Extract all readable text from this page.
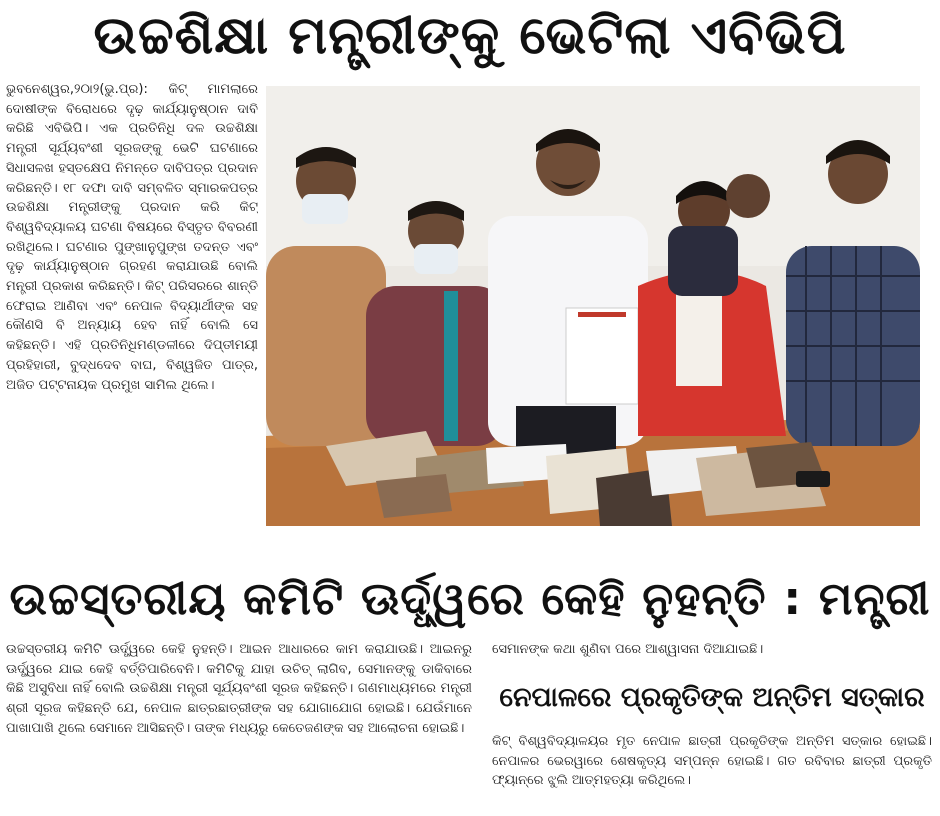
ଉଚ୍ଚଶିକ୍ଷା ମନ୍ତ୍ରୀଙ୍କୁ ଭେଟିଲା ଏବିଭିପି
ଭୁବନେଶ୍ୱର,୨୦ା୨(ଭୁ.ପ୍ର): କିଟ୍ ମାମଲାରେ ଦୋଷୀଙ୍କ ବିରୋଧରେ ଦୃଢ଼ କାର୍ଯ୍ୟାନୁଷ୍ଠାନ ଦାବି କରିଛି ଏବିଭିପି। ଏକ ପ୍ରତିନିଧି ଦଳ ଉଚ୍ଚଶିକ୍ଷା ମନ୍ତ୍ରୀ ସୂର୍ଯ୍ୟବଂଶୀ ସୂରଜଙ୍କୁ ଭେଟି ଘଟଣାରେ ସିଧାସଳଖ ହସ୍ତକ୍ଷେପ ନିମନ୍ତେ ଦାବିପତ୍ର ପ୍ରଦାନ କରିଛନ୍ତି। ୧୮ ଦଫା ଦାବି ସମ୍ବଳିତ ସ୍ମାରକପତ୍ର ଉଚ୍ଚଶିକ୍ଷା ମନ୍ତ୍ରୀଙ୍କୁ ପ୍ରଦାନ କରି କିଟ୍ ବିଶ୍ୱବିଦ୍ୟାଳୟ ଘଟଣା ବିଷୟରେ ବିସ୍ତୃତ ବିବରଣୀ ରଖିଥିଲେ। ଘଟଣାର ପୁଙ୍ଖାନୁପୁଙ୍ଖ ତଦନ୍ତ ଏବଂ ଦୃଢ଼ କାର୍ଯ୍ୟାନୁଷ୍ଠାନ ଗ୍ରହଣ କରାଯାଉଛି ବୋଲି ମନ୍ତ୍ରୀ ପ୍ରକାଶ କରିଛନ୍ତି। କିଟ୍ ପରିସରରେ ଶାନ୍ତି ଫେରାଇ ଆଣିବା ଏବଂ ନେପାଳ ବିଦ୍ୟାର୍ଥୀଙ୍କ ସହ କୌଣସି ବି ଅନ୍ୟାୟ ହେବ ନାହିଁ ବୋଲି ସେ କହିଛନ୍ତି। ଏହି ପ୍ରତିନିଧିମଣ୍ଡଳୀରେ ଦିପ୍ତୀମୟୀ ପ୍ରହିହାରୀ, ବୁଦ୍ଧଦେବ ବାଘ, ବିଶ୍ୱଜିତ ପାତ୍ର, ଅଜିତ ପଟ୍ଟନାୟକ ପ୍ରମୁଖ ସାମିଲ ଥିଲେ।
ଉଚ୍ଚସ୍ତରୀୟ କମିଟି ଊର୍ଦ୍ଧ୍ୱରେ କେହି ନୁହନ୍ତି : ମନ୍ତ୍ରୀ
ଉଚ୍ଚସ୍ତରୀୟ କମିଟି ଊର୍ଦ୍ଧ୍ୱରେ କେହି ନୁହନ୍ତି। ଆଇନ ଆଧାରରେ କାମ କରାଯାଉଛି। ଆଇନରୁ ଊର୍ଦ୍ଧ୍ୱରେ ଯାଇ କେହି ବର୍ତ୍ତିପାରିବେନି। କମିଟିକୁ ଯାହା ଉଚିତ୍ ଲାଗିବ, ସେମାନଙ୍କୁ ଡାକିବାରେ କିଛି ଅସୁବିଧା ନାହିଁ ବୋଲି ଉଚ୍ଚଶିକ୍ଷା ମନ୍ତ୍ରୀ ସୂର୍ଯ୍ୟବଂଶୀ ସୂରଜ କହିଛନ୍ତି। ଗଣମାଧ୍ୟମରେ ମନ୍ତ୍ରୀ ଶ୍ରୀ ସୂରଜ କହିଛନ୍ତି ଯେ, ନେପାଳ ଛାତ୍ରଛାତ୍ରୀଙ୍କ ସହ ଯୋଗାଯୋଗ ହୋଇଛି। ଯେଉଁମାନେ ପାଖାପାଖି ଥିଲେ ସେମାନେ ଆସିଛନ୍ତି। ତାଙ୍କ ମଧ୍ୟରୁ କେତେଜଣଙ୍କ ସହ ଆଲୋଚନା ହୋଇଛି।
ସେମାନଙ୍କ କଥା ଶୁଣିବା ପରେ ଆଶ୍ୱାସନା ଦିଆଯାଇଛି।
ନେପାଳରେ ପ୍ରକୃତିଙ୍କ ଅନ୍ତିମ ସତ୍କାର
କିଟ୍ ବିଶ୍ୱବିଦ୍ୟାଳୟର ମୃତ ନେପାଳ ଛାତ୍ରୀ ପ୍ରକୃତିଙ୍କ ଅନ୍ତିମ ସତ୍କାର ହୋଇଛି। ନେପାଳର ଭେରୱାରେ ଶେଷକୃତ୍ୟ ସମ୍ପନ୍ନ ହୋଇଛି। ଗତ ରବିବାର ଛାତ୍ରୀ ପ୍ରକୃତି ଫ୍ୟାନ୍‌ରେ ଝୁଲି ଆତ୍ମହତ୍ୟା କରିଥିଲେ।
